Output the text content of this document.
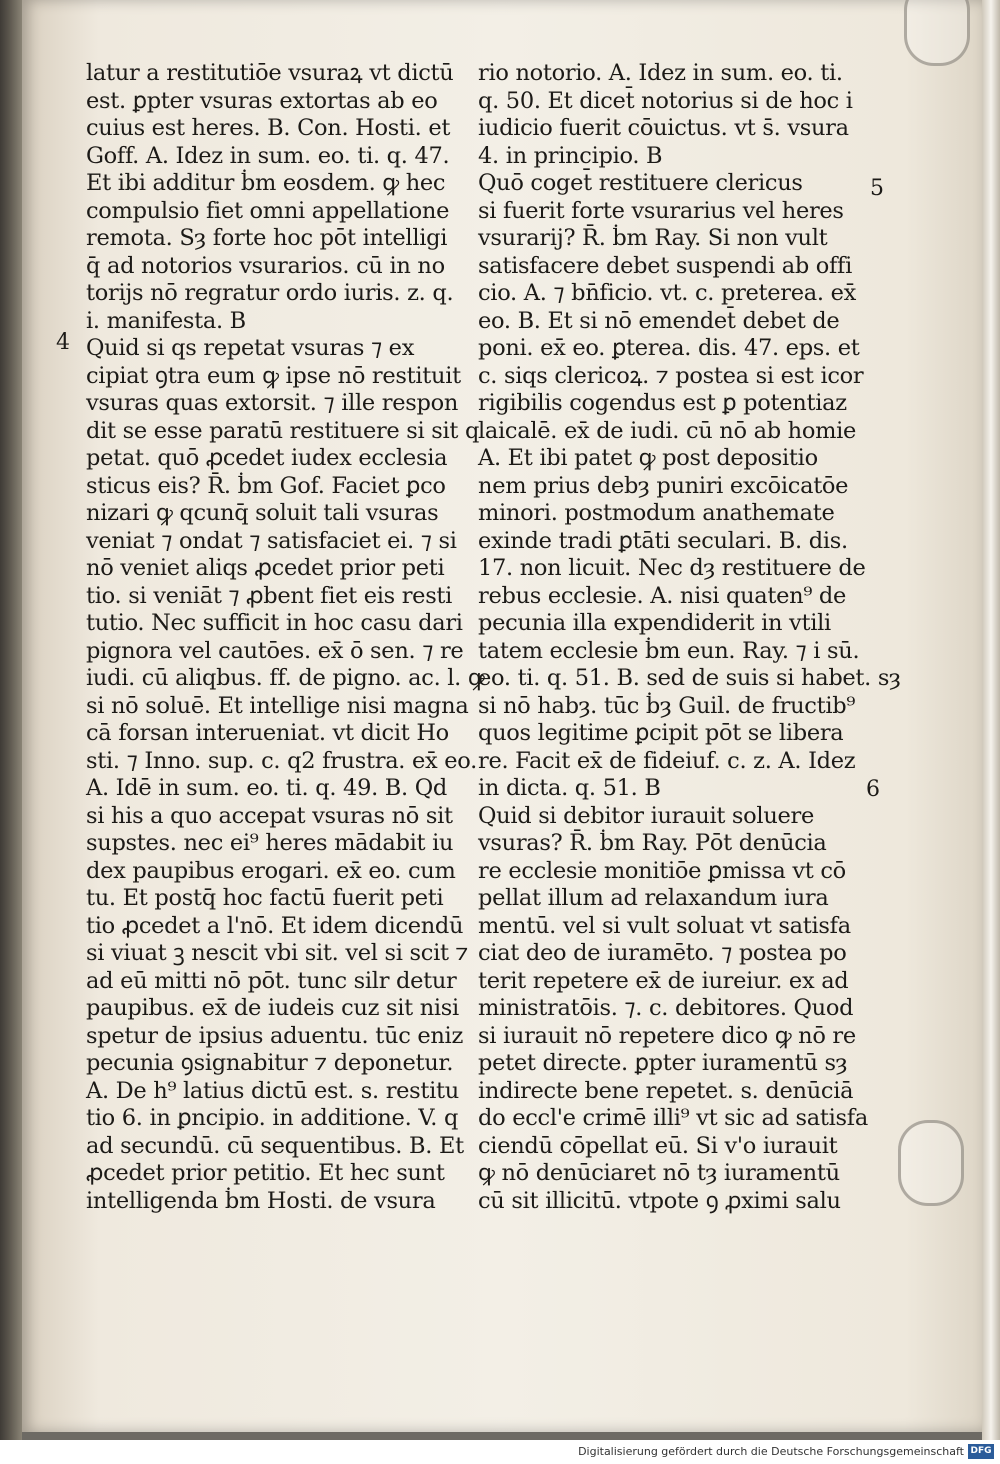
latur a restitutiōe vsuraꝝ vt dictū
est. ꝑpter vsuras extortas ab eo
cuius est heres. B. Con. Hosti. et
Goff. A. Idez in sum. eo. ti. q. 47.
Et ibi additur ḃm eosdem. ꝙ hec
compulsio fiet omni appellatione
remota. Sȝ forte hoc pōt intelligi
q̄ ad notorios vsurarios. cū in no
torijs nō regratur ordo iuris. z. q.
i. manifesta. B
Quid si qs repetat vsuras ⁊ ex
cipiat ꝯtra eum ꝙ ipse nō restituit
vsuras quas extorsit. ⁊ ille respon
dit se esse paratū restituere si sit q
petat. quō ꝓcedet iudex ecclesia
sticus eis? R̄. ḃm Gof. Faciet ꝑco
nizari ꝙ qcunq̄ soluit tali vsuras
veniat ⁊ ondat ⁊ satisfaciet ei. ⁊ si
nō veniet aliqs ꝓcedet prior peti
tio. si veniāt ⁊ ꝓbent fiet eis resti
tutio. Nec sufficit in hoc casu dari
pignora vel cautōes. ex̄ ō sen. ⁊ re
iudi. cū aliqbus. ff. de pigno. ac. l. ꝙ
si nō soluē. Et intellige nisi magna
cā forsan interueniat. vt dicit Ho
sti. ⁊ Inno. sup. c. q2 frustra. ex̄ eo.
A. Idē in sum. eo. ti. q. 49. B. Qd
si his a quo accepat vsuras nō sit
supstes. nec ei⁹ heres mādabit iu
dex paupibus erogari. ex̄ eo. cum
tu. Et postq̄ hoc factū fuerit peti
tio ꝓcedet a l'nō. Et idem dicendū
si viuat ꝫ nescit vbi sit. vel si scit ⁊
ad eū mitti nō pōt. tunc silr detur
paupibus. ex̄ de iudeis cuz sit nisi
spetur de ipsius aduentu. tūc eniz
pecunia ꝯsignabitur ⁊ deponetur.
A. De h⁹ latius dictū est. s. restitu
tio 6. in ꝑncipio. in additione. V. q
ad secundū. cū sequentibus. B. Et
ꝓcedet prior petitio. Et hec sunt
intelligenda ḃm Hosti. de vsura
rio notorio. A. Idez in sum. eo. ti.
q. 50. Et dicet̄ notorius si de hoc i
iudicio fuerit cōuictus. vt s̄. vsura
4. in principio. B
Quō coget̄ restituere clericus
si fuerit forte vsurarius vel heres
vsurarij? R̄. ḃm Ray. Si non vult
satisfacere debet suspendi ab offi
cio. A. ⁊ bn̄ficio. vt. c. preterea. ex̄
eo. B. Et si nō emendet̄ debet de
poni. ex̄ eo. ꝑterea. dis. 47. eps. et
c. siqs clericoꝝ. ⁊ postea si est icor
rigibilis cogendus est ꝑ potentiaz
laicalē. ex̄ de iudi. cū nō ab homie
A. Et ibi patet ꝙ post depositio
nem prius debȝ puniri excōicatōe
minori. postmodum anathemate
exinde tradi ꝑtāti seculari. B. dis.
17. non licuit. Nec dȝ restituere de
rebus ecclesie. A. nisi quaten⁹ de
pecunia illa expendiderit in vtili
tatem ecclesie ḃm eun. Ray. ⁊ i sū.
eo. ti. q. 51. B. sed de suis si habet. sȝ
si nō habȝ. tūc ḃȝ Guil. de fructib⁹
quos legitime ꝑcipit pōt se libera
re. Facit ex̄ de fideiuf. c. z. A. Idez
in dicta. q. 51. B
Quid si debitor iurauit soluere
vsuras? R̄. ḃm Ray. Pōt denūcia
re ecclesie monitiōe ꝑmissa vt cō
pellat illum ad relaxandum iura
mentū. vel si vult soluat vt satisfa
ciat deo de iuramēto. ⁊ postea po
terit repetere ex̄ de iureiur. ex ad
ministratōis. ⁊. c. debitores. Quod
si iurauit nō repetere dico ꝙ nō re
petet directe. ꝑpter iuramentū sȝ
indirecte bene repetet. s. denūciā
do eccl'e crimē illi⁹ vt sic ad satisfa
ciendū cōpellat eū. Si v'o iurauit
ꝙ nō denūciaret nō tȝ iuramentū
cū sit illicitū. vtpote ꝯ ꝓximi salu
4
5
6
Digitalisierung gefördert durch die Deutsche Forschungsgemeinschaft DFG
